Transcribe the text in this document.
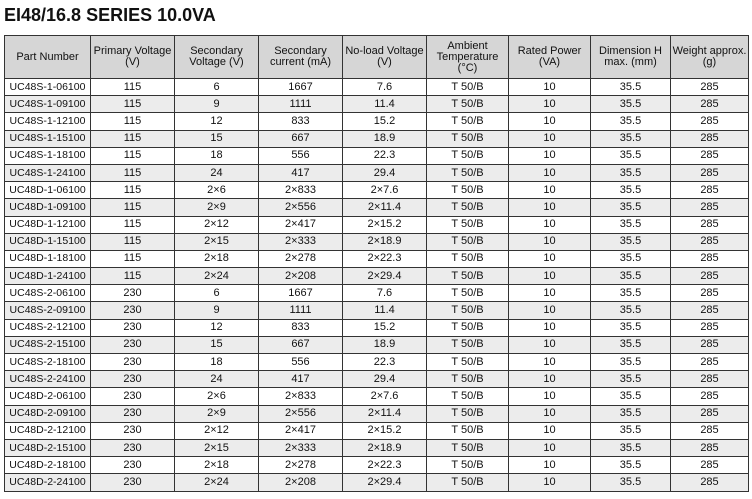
EI48/16.8 SERIES 10.0VA
Part Number	Primary Voltage (V)	Secondary Voltage (V)	Secondary current (mA)	No-load Voltage (V)	Ambient Temperature (°C)	Rated Power (VA)	Dimension H max. (mm)	Weight approx. (g)
UC48S-1-06100	115	6	1667	7.6	T 50/B	10	35.5	285
UC48S-1-09100	115	9	1111	11.4	T 50/B	10	35.5	285
UC48S-1-12100	115	12	833	15.2	T 50/B	10	35.5	285
UC48S-1-15100	115	15	667	18.9	T 50/B	10	35.5	285
UC48S-1-18100	115	18	556	22.3	T 50/B	10	35.5	285
UC48S-1-24100	115	24	417	29.4	T 50/B	10	35.5	285
UC48D-1-06100	115	2×6	2×833	2×7.6	T 50/B	10	35.5	285
UC48D-1-09100	115	2×9	2×556	2×11.4	T 50/B	10	35.5	285
UC48D-1-12100	115	2×12	2×417	2×15.2	T 50/B	10	35.5	285
UC48D-1-15100	115	2×15	2×333	2×18.9	T 50/B	10	35.5	285
UC48D-1-18100	115	2×18	2×278	2×22.3	T 50/B	10	35.5	285
UC48D-1-24100	115	2×24	2×208	2×29.4	T 50/B	10	35.5	285
UC48S-2-06100	230	6	1667	7.6	T 50/B	10	35.5	285
UC48S-2-09100	230	9	1111	11.4	T 50/B	10	35.5	285
UC48S-2-12100	230	12	833	15.2	T 50/B	10	35.5	285
UC48S-2-15100	230	15	667	18.9	T 50/B	10	35.5	285
UC48S-2-18100	230	18	556	22.3	T 50/B	10	35.5	285
UC48S-2-24100	230	24	417	29.4	T 50/B	10	35.5	285
UC48D-2-06100	230	2×6	2×833	2×7.6	T 50/B	10	35.5	285
UC48D-2-09100	230	2×9	2×556	2×11.4	T 50/B	10	35.5	285
UC48D-2-12100	230	2×12	2×417	2×15.2	T 50/B	10	35.5	285
UC48D-2-15100	230	2×15	2×333	2×18.9	T 50/B	10	35.5	285
UC48D-2-18100	230	2×18	2×278	2×22.3	T 50/B	10	35.5	285
UC48D-2-24100	230	2×24	2×208	2×29.4	T 50/B	10	35.5	285
